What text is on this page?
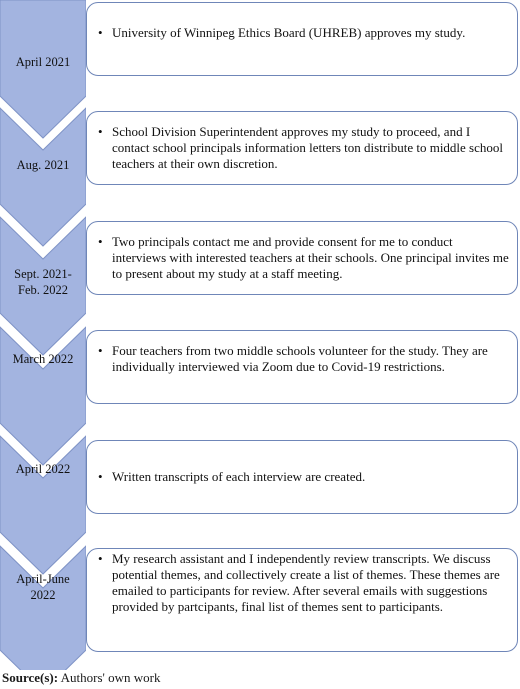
April 2021
• University of Winnipeg Ethics Board (UHREB) approves my study.
Aug. 2021
• School Division Superintendent approves my study to proceed, and I contact school principals information letters ton distribute to middle school teachers at their own discretion.
Sept. 2021- Feb. 2022
• Two principals contact me and provide consent for me to conduct interviews with interested teachers at their schools. One principal invites me to present about my study at a staff meeting.
March 2022
• Four teachers from two middle schools volunteer for the study. They are individually interviewed via Zoom due to Covid-19 restrictions.
April 2022
•	Written transcripts of each interview are created.
April-June 2022
• My research assistant and I independently review transcripts. We discuss potential themes, and collectively create a list of themes. These themes are emailed to participants for review. After several emails with suggestions provided by partcipants, final list of themes sent to participants.
Source(s): Authors' own work
